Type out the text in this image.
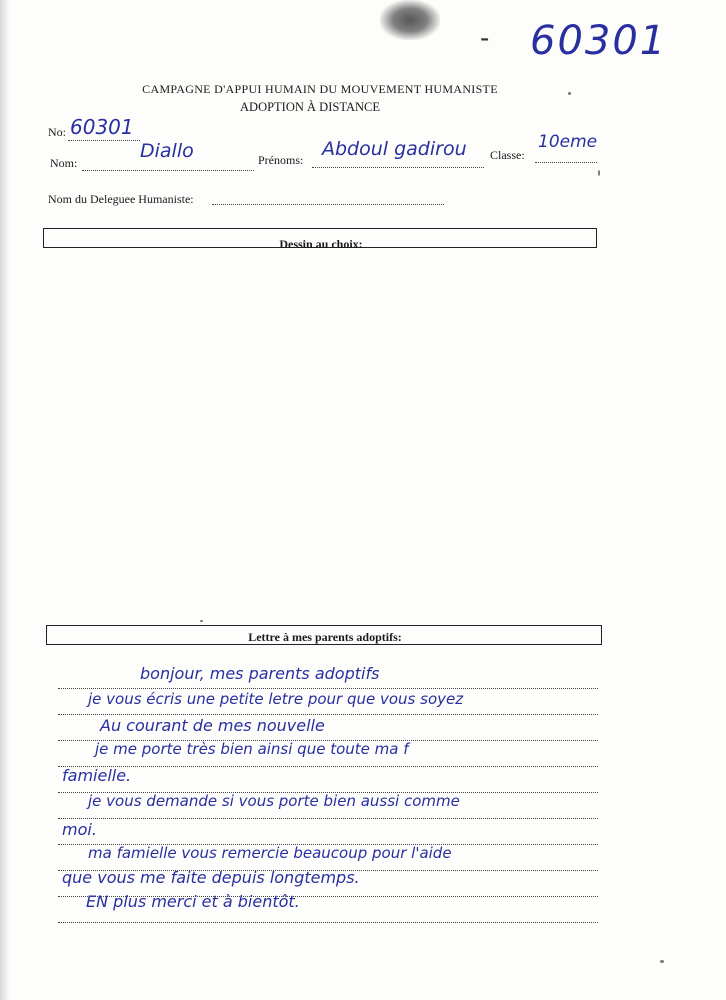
- 60301
CAMPAGNE D'APPUI HUMAIN DU MOUVEMENT HUMANISTE
ADOPTION À DISTANCE
No: 60301
Nom:
Diallo	Prénoms: Abdoul gadirou Classe:
10eme
Nom du Deleguee Humaniste:
Dessin au choix:
Lettre à mes parents adoptifs:
bonjour, mes parents adoptifs
je vous écris une petite letre pour que vous soyez
Au courant de mes nouvelle
je me porte très bien ainsi que toute ma f
famielle.
je vous demande si vous porte bien aussi comme
moi.
ma famielle vous remercie beaucoup pour l'aide
que vous me faite depuis longtemps.
EN plus merci et à bientôt.
